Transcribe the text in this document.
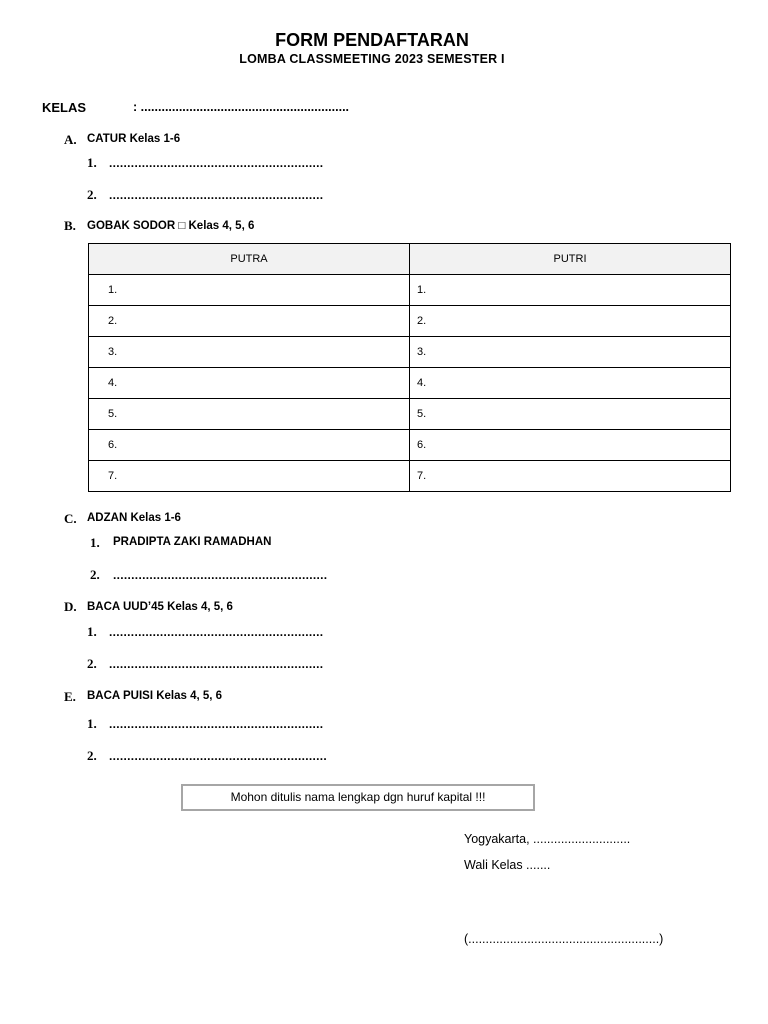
FORM PENDAFTARAN
LOMBA CLASSMEETING 2023 SEMESTER I
KELAS	: ............................................................
A. CATUR Kelas 1-6
1. ...........................................................
2. ...........................................................
B. GOBAK SODOR □ Kelas 4, 5, 6
PUTRA	PUTRI
1.	1.
2.	2.
3.	3.
4.	4.
5.	5.
6.	6.
7.	7.
C. ADZAN Kelas 1-6
1. PRADIPTA ZAKI RAMADHAN
2. ...........................................................
D. BACA UUD’45 Kelas 4, 5, 6
1. ...........................................................
2. ...........................................................
E. BACA PUISI Kelas 4, 5, 6
1. ...........................................................
2. ............................................................
Mohon ditulis nama lengkap dgn huruf kapital !!!
Yogyakarta, ............................
Wali Kelas .......
(.......................................................)
